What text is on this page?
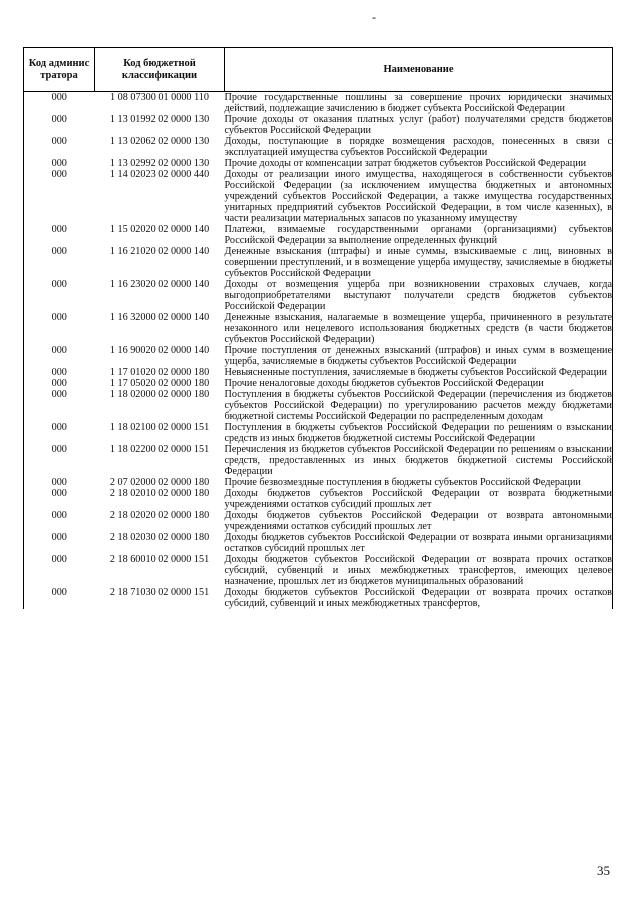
-
Код админис тратора	Код бюджетной классификации	Наименование
000	1 08 07300 01 0000 110	Прочие государственные пошлины за совершение прочих юридически значимых действий, подлежащие зачислению в бюджет субъекта Российской Федерации
000	1 13 01992 02 0000 130	Прочие доходы от оказания платных услуг (работ) получателями средств бюджетов субъектов Российской Федерации
000	1 13 02062 02 0000 130	Доходы, поступающие в порядке возмещения расходов, понесенных в связи с эксплуатацией имущества субъектов Российской Федерации
000	1 13 02992 02 0000 130	Прочие доходы от компенсации затрат бюджетов субъектов Российской Федерации
000	1 14 02023 02 0000 440	Доходы от реализации иного имущества, находящегося в собственности субъектов Российской Федерации (за исключением имущества бюджетных и автономных учреждений субъектов Российской Федерации, а также имущества государственных унитарных предприятий субъектов Российской Федерации, в том числе казенных), в части реализации материальных запасов по указанному имуществу
000	1 15 02020 02 0000 140	Платежи, взимаемые государственными органами (организациями) субъектов Российской Федерации за выполнение определенных функций
000	1 16 21020 02 0000 140	Денежные взыскания (штрафы) и иные суммы, взыскиваемые с лиц, виновных в совершении преступлений, и в возмещение ущерба имуществу, зачисляемые в бюджеты субъектов Российской Федерации
000	1 16 23020 02 0000 140	Доходы от возмещения ущерба при возникновении страховых случаев, когда выгодоприобретателями выступают получатели средств бюджетов субъектов Российской Федерации
000	1 16 32000 02 0000 140	Денежные взыскания, налагаемые в возмещение ущерба, причиненного в результате незаконного или нецелевого использования бюджетных средств (в части бюджетов субъектов Российской Федерации)
000	1 16 90020 02 0000 140	Прочие поступления от денежных взысканий (штрафов) и иных сумм в возмещение ущерба, зачисляемые в бюджеты субъектов Российской Федерации
000	1 17 01020 02 0000 180	Невыясненные поступления, зачисляемые в бюджеты субъектов Российской Федерации
000	1 17 05020 02 0000 180	Прочие неналоговые доходы бюджетов субъектов Российской Федерации
000	1 18 02000 02 0000 180	Поступления в бюджеты субъектов Российской Федерации (перечисления из бюджетов субъектов Российской Федерации) по урегулированию расчетов между бюджетами бюджетной системы Российской Федерации по распределенным доходам
000	1 18 02100 02 0000 151	Поступления в бюджеты субъектов Российской Федерации по решениям о взыскании средств из иных бюджетов бюджетной системы Российской Федерации
000	1 18 02200 02 0000 151	Перечисления из бюджетов субъектов Российской Федерации по решениям о взыскании средств, предоставленных из иных бюджетов бюджетной системы Российской Федерации
000	2 07 02000 02 0000 180	Прочие безвозмездные поступления в бюджеты субъектов Российской Федерации
000	2 18 02010 02 0000 180	Доходы бюджетов субъектов Российской Федерации от возврата бюджетными учреждениями остатков субсидий прошлых лет
000	2 18 02020 02 0000 180	Доходы бюджетов субъектов Российской Федерации от возврата автономными учреждениями остатков субсидий прошлых лет
000	2 18 02030 02 0000 180	Доходы бюджетов субъектов Российской Федерации от возврата иными организациями остатков субсидий прошлых лет
000	2 18 60010 02 0000 151	Доходы бюджетов субъектов Российской Федерации от возврата прочих остатков субсидий, субвенций и иных межбюджетных трансфертов, имеющих целевое назначение, прошлых лет из бюджетов муниципальных образований
000	2 18 71030 02 0000 151	Доходы бюджетов субъектов Российской Федерации от возврата прочих остатков субсидий, субвенций и иных межбюджетных трансфертов,
35
